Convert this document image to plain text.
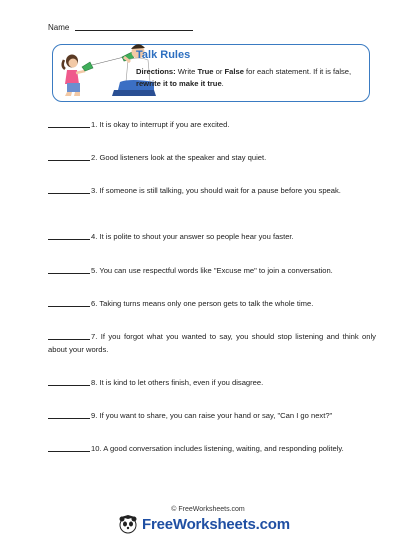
Name
Talk Rules
Directions: Write True or False for each statement. If it is false, rewrite it to make it true.
1. It is okay to interrupt if you are excited.
2. Good listeners look at the speaker and stay quiet.
3. If someone is still talking, you should wait for a pause before you speak.
4. It is polite to shout your answer so people hear you faster.
5. You can use respectful words like "Excuse me" to join a conversation.
6. Taking turns means only one person gets to talk the whole time.
7. If you forgot what you wanted to say, you should stop listening and think only about your words.
8. It is kind to let others finish, even if you disagree.
9. If you want to share, you can raise your hand or say, "Can I go next?"
10. A good conversation includes listening, waiting, and responding politely.
© FreeWorksheets.com
FreeWorksheets.com
